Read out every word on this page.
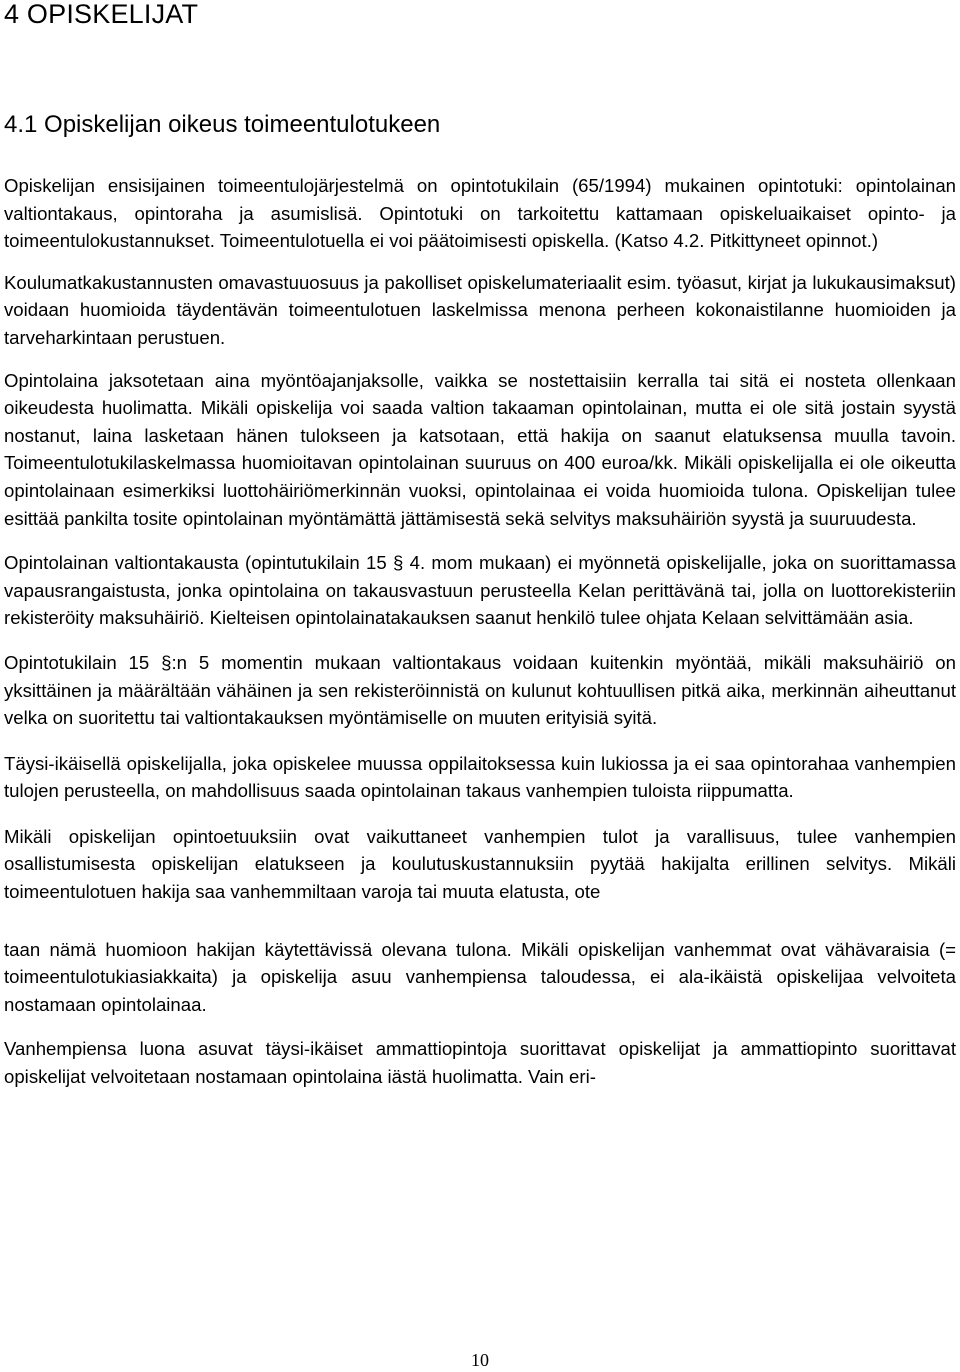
4 OPISKELIJAT
4.1 Opiskelijan oikeus toimeentulotukeen

Opiskelijan ensisijainen toimeentulojärjestelmä on opintotukilain (65/1994) mukainen opintotuki: opintolainan valtiontakaus, opintoraha ja asumislisä. Opintotuki on tarkoitettu kattamaan opiskeluaikaiset opinto- ja toimeentulokustannukset. Toimeentulotuella ei voi päätoimisesti opiskella. (Katso 4.2. Pitkittyneet opinnot.)

Koulumatkakustannusten omavastuuosuus ja pakolliset opiskelumateriaalit esim. työasut, kirjat ja lukukausimaksut) voidaan huomioida täydentävän toimeentulotuen laskelmissa menona perheen kokonaistilanne huomioiden ja tarveharkintaan perustuen.

Opintolaina jaksotetaan aina myöntöajanjaksolle, vaikka se nostettaisiin kerralla tai sitä ei nosteta ollenkaan oikeudesta huolimatta. Mikäli opiskelija voi saada valtion takaaman opintolainan, mutta ei ole sitä jostain syystä nostanut, laina lasketaan hänen tulokseen ja katsotaan, että hakija on saanut elatuksensa muulla tavoin. Toimeentulotukilaskelmassa huomioitavan opintolainan suuruus on 400 euroa/kk. Mikäli opiskelijalla ei ole oikeutta opintolainaan esimerkiksi luottohäiriömerkinnän vuoksi, opintolainaa ei voida huomioida tulona. Opiskelijan tulee esittää pankilta tosite opintolainan myöntämättä jättämisestä sekä selvitys maksuhäiriön syystä ja suuruudesta.

Opintolainan valtiontakausta (opintutukilain 15 § 4. mom mukaan) ei myönnetä opiskelijalle, joka on suorittamassa vapausrangaistusta, jonka opintolaina on takausvastuun perusteella Kelan perittävänä tai, jolla on luottorekisteriin rekisteröity maksuhäiriö. Kielteisen opintolainatakauksen saanut henkilö tulee ohjata Kelaan selvittämään asia.

Opintotukilain 15 §:n 5 momentin mukaan valtiontakaus voidaan kuitenkin myöntää, mikäli maksuhäiriö on yksittäinen ja määrältään vähäinen ja sen rekisteröinnistä on kulunut kohtuullisen pitkä aika, merkinnän aiheuttanut velka on suoritettu tai valtiontakauksen myöntämiselle on muuten erityisiä syitä.

Täysi-ikäisellä opiskelijalla, joka opiskelee muussa oppilaitoksessa kuin lukiossa ja ei saa opintorahaa vanhempien tulojen perusteella, on mahdollisuus saada opintolainan takaus vanhempien tuloista riippumatta.

Mikäli opiskelijan opintoetuuksiin ovat vaikuttaneet vanhempien tulot ja varallisuus, tulee vanhempien osallistumisesta opiskelijan elatukseen ja koulutuskustannuksiin pyytää hakijalta erillinen selvitys. Mikäli toimeentulotuen hakija saa vanhemmiltaan varoja tai muuta elatusta, ote

taan nämä huomioon hakijan käytettävissä olevana tulona. Mikäli opiskelijan vanhemmat ovat vähävaraisia (= toimeentulotukiasiakkaita) ja opiskelija asuu vanhempiensa taloudessa, ei ala-ikäistä opiskelijaa velvoiteta nostamaan opintolainaa.

Vanhempiensa luona asuvat täysi-ikäiset ammattiopintoja suorittavat opiskelijat ja ammattiopinto suorittavat opiskelijat velvoitetaan nostamaan opintolaina iästä huolimatta. Vain eri-

10
